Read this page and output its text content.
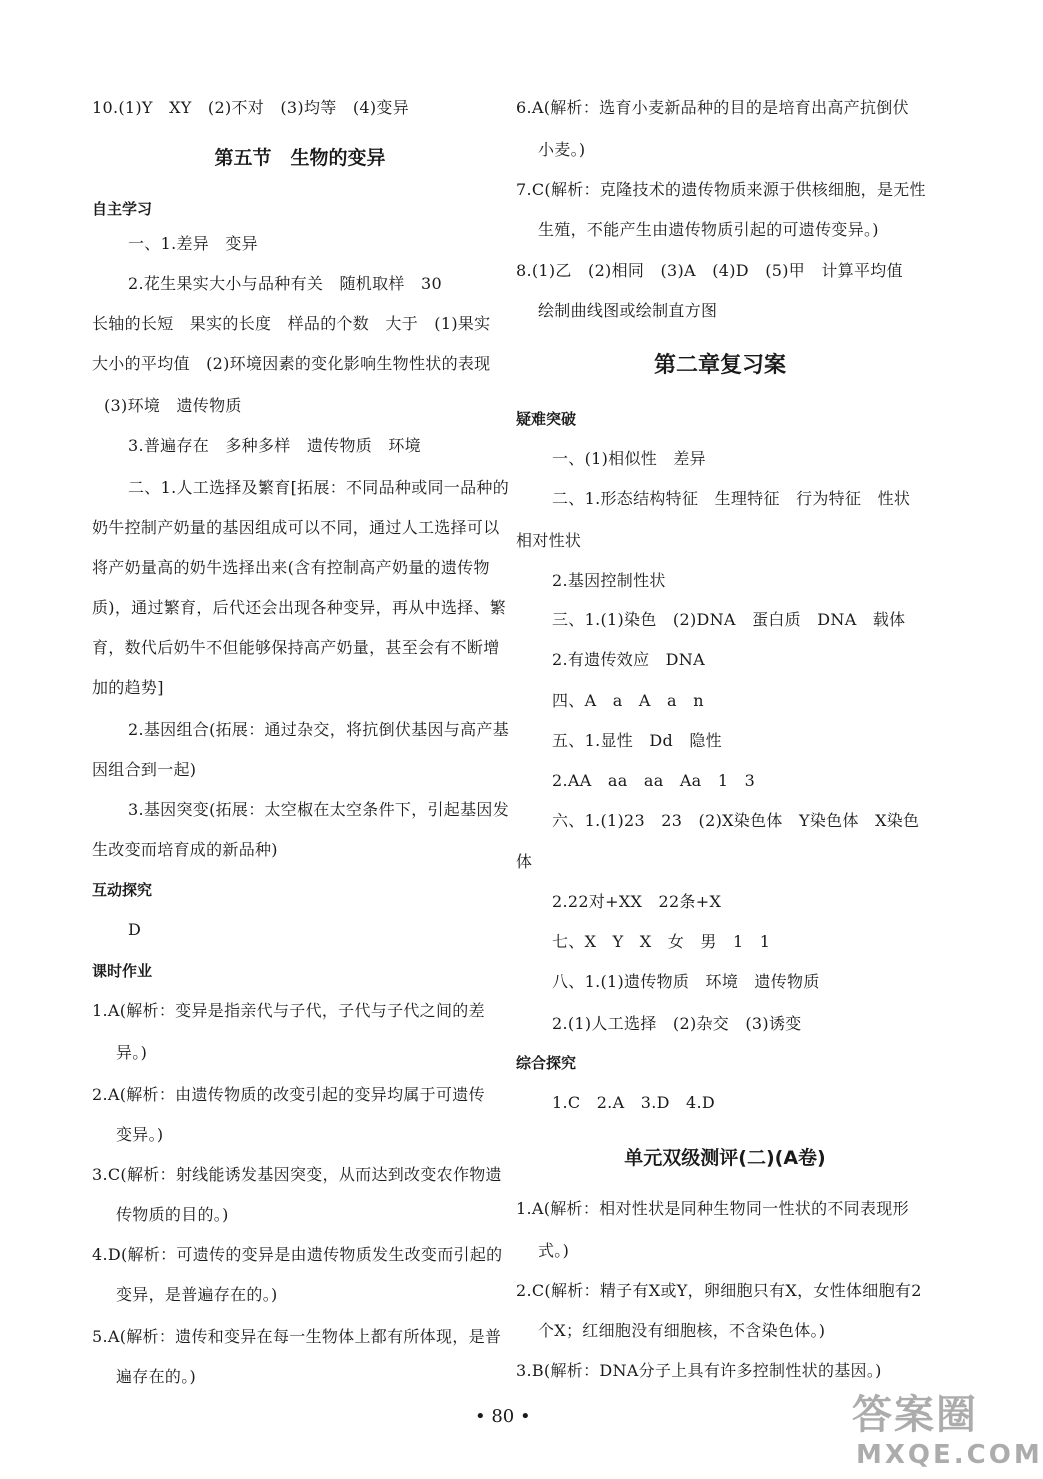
10.(1)Y　XY　(2)不对　(3)均等　(4)变异
第五节　生物的变异
自主学习
一、1.差异　变异
2.花生果实大小与品种有关　随机取样　30
长轴的长短　果实的长度　样品的个数　大于　(1)果实
大小的平均值　(2)环境因素的变化影响生物性状的表现
(3)环境　遗传物质
3.普遍存在　多种多样　遗传物质　环境
二、1.人工选择及繁育[拓展：不同品种或同一品种的
奶牛控制产奶量的基因组成可以不同，通过人工选择可以
将产奶量高的奶牛选择出来(含有控制高产奶量的遗传物
质)，通过繁育，后代还会出现各种变异，再从中选择、繁
育，数代后奶牛不但能够保持高产奶量，甚至会有不断增
加的趋势]
2.基因组合(拓展：通过杂交，将抗倒伏基因与高产基
因组合到一起)
3.基因突变(拓展：太空椒在太空条件下，引起基因发
生改变而培育成的新品种)
互动探究
D
课时作业
1.A(解析：变异是指亲代与子代，子代与子代之间的差
异。)
2.A(解析：由遗传物质的改变引起的变异均属于可遗传
变异。)
3.C(解析：射线能诱发基因突变，从而达到改变农作物遗
传物质的目的。)
4.D(解析：可遗传的变异是由遗传物质发生改变而引起的
变异，是普遍存在的。)
5.A(解析：遗传和变异在每一生物体上都有所体现，是普
遍存在的。)
6.A(解析：选育小麦新品种的目的是培育出高产抗倒伏
小麦。)
7.C(解析：克隆技术的遗传物质来源于供核细胞，是无性
生殖，不能产生由遗传物质引起的可遗传变异。)
8.(1)乙　(2)相同　(3)A　(4)D　(5)甲　计算平均值
绘制曲线图或绘制直方图
第二章复习案
疑难突破
一、(1)相似性　差异
二、1.形态结构特征　生理特征　行为特征　性状
相对性状
2.基因控制性状
三、1.(1)染色　(2)DNA　蛋白质　DNA　载体
2.有遗传效应　DNA
四、A　a　A　a　n
五、1.显性　Dd　隐性
2.AA　aa　aa　Aa　1　3
六、1.(1)23　23　(2)X染色体　Y染色体　X染色
体
2.22对+XX　22条+X
七、X　Y　X　女　男　1　1
八、1.(1)遗传物质　环境　遗传物质
2.(1)人工选择　(2)杂交　(3)诱变
综合探究
1.C　2.A　3.D　4.D
单元双级测评(二)(A卷)
1.A(解析：相对性状是同种生物同一性状的不同表现形
式。)
2.C(解析：精子有X或Y，卵细胞只有X，女性体细胞有2
个X；红细胞没有细胞核，不含染色体。)
3.B(解析：DNA分子上具有许多控制性状的基因。)
• 80 •	答案圈
MXQE.COM
